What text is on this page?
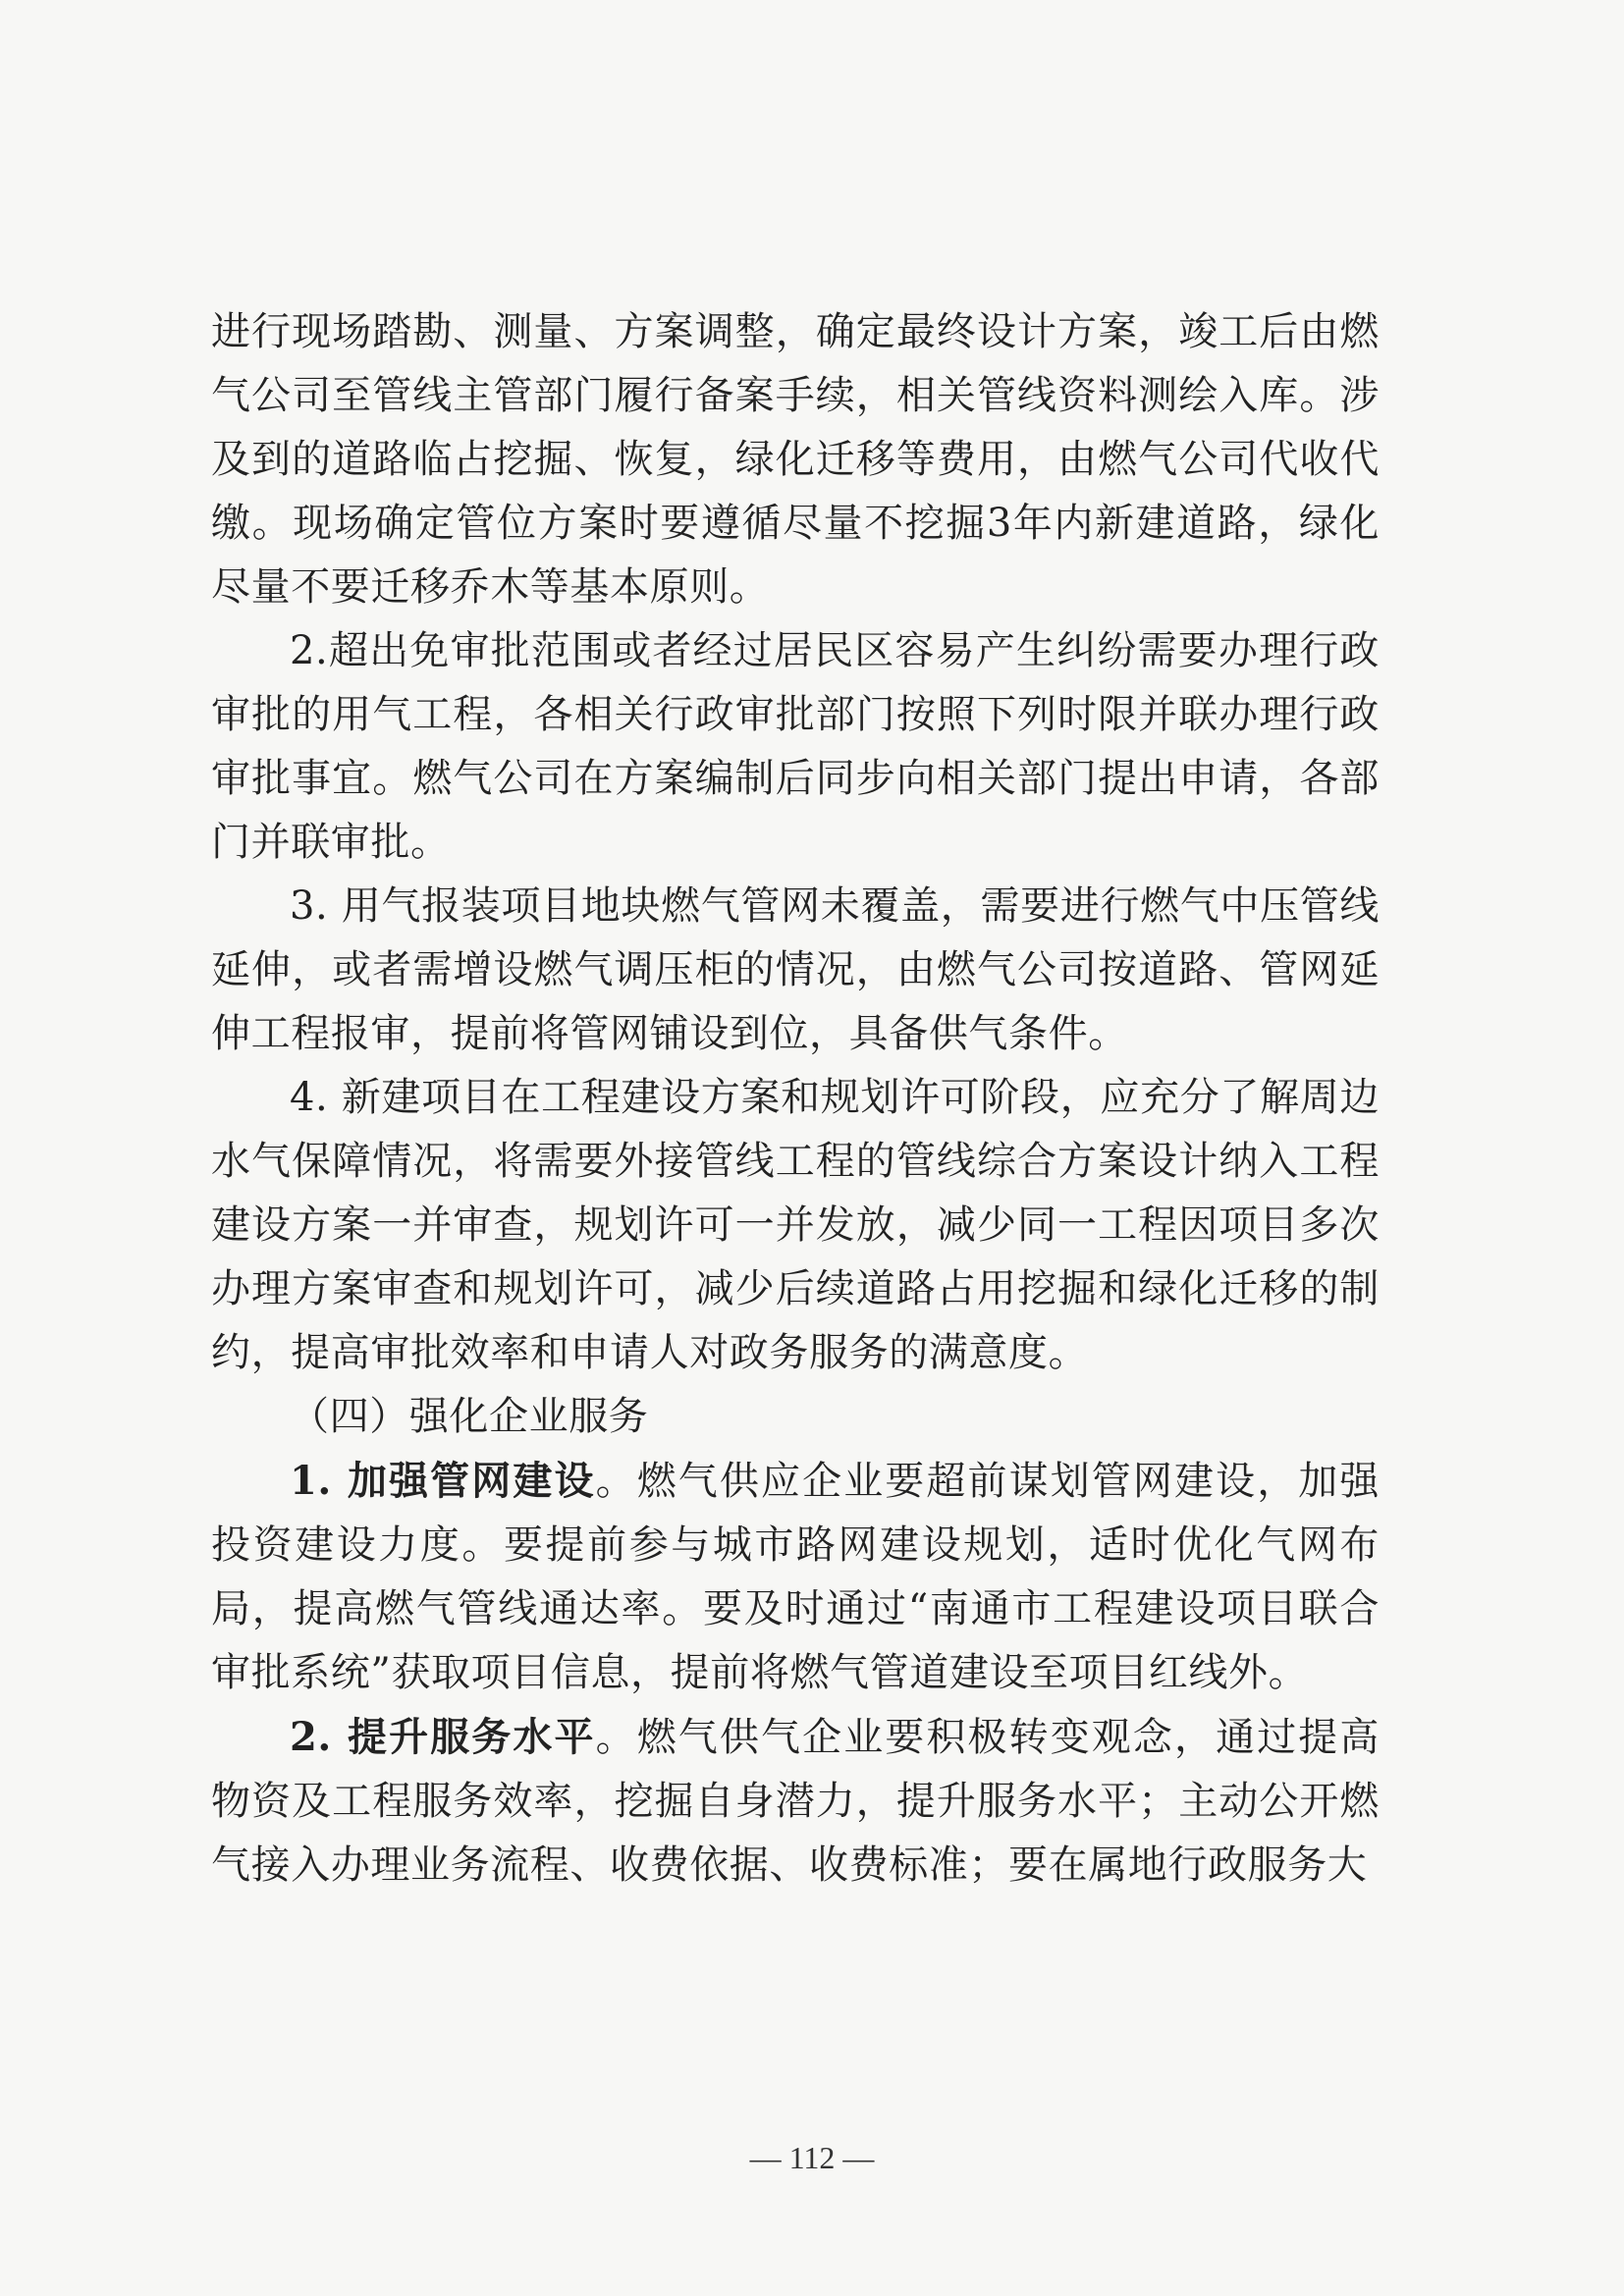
进行现场踏勘、测量、方案调整，确定最终设计方案，竣工后由燃气公司至管线主管部门履行备案手续，相关管线资料测绘入库。涉及到的道路临占挖掘、恢复，绿化迁移等费用，由燃气公司代收代缴。现场确定管位方案时要遵循尽量不挖掘3年内新建道路，绿化尽量不要迁移乔木等基本原则。

2.超出免审批范围或者经过居民区容易产生纠纷需要办理行政审批的用气工程，各相关行政审批部门按照下列时限并联办理行政审批事宜。燃气公司在方案编制后同步向相关部门提出申请，各部门并联审批。

3. 用气报装项目地块燃气管网未覆盖，需要进行燃气中压管线延伸，或者需增设燃气调压柜的情况，由燃气公司按道路、管网延伸工程报审，提前将管网铺设到位，具备供气条件。

4. 新建项目在工程建设方案和规划许可阶段，应充分了解周边水气保障情况，将需要外接管线工程的管线综合方案设计纳入工程建设方案一并审查，规划许可一并发放，减少同一工程因项目多次办理方案审查和规划许可，减少后续道路占用挖掘和绿化迁移的制约，提高审批效率和申请人对政务服务的满意度。

（四）强化企业服务

1. 加强管网建设。燃气供应企业要超前谋划管网建设，加强投资建设力度。要提前参与城市路网建设规划，适时优化气网布局，提高燃气管线通达率。要及时通过“南通市工程建设项目联合审批系统”获取项目信息，提前将燃气管道建设至项目红线外。

2. 提升服务水平。燃气供气企业要积极转变观念，通过提高物资及工程服务效率，挖掘自身潜力，提升服务水平；主动公开燃气接入办理业务流程、收费依据、收费标准；要在属地行政服务大

— 112 —
